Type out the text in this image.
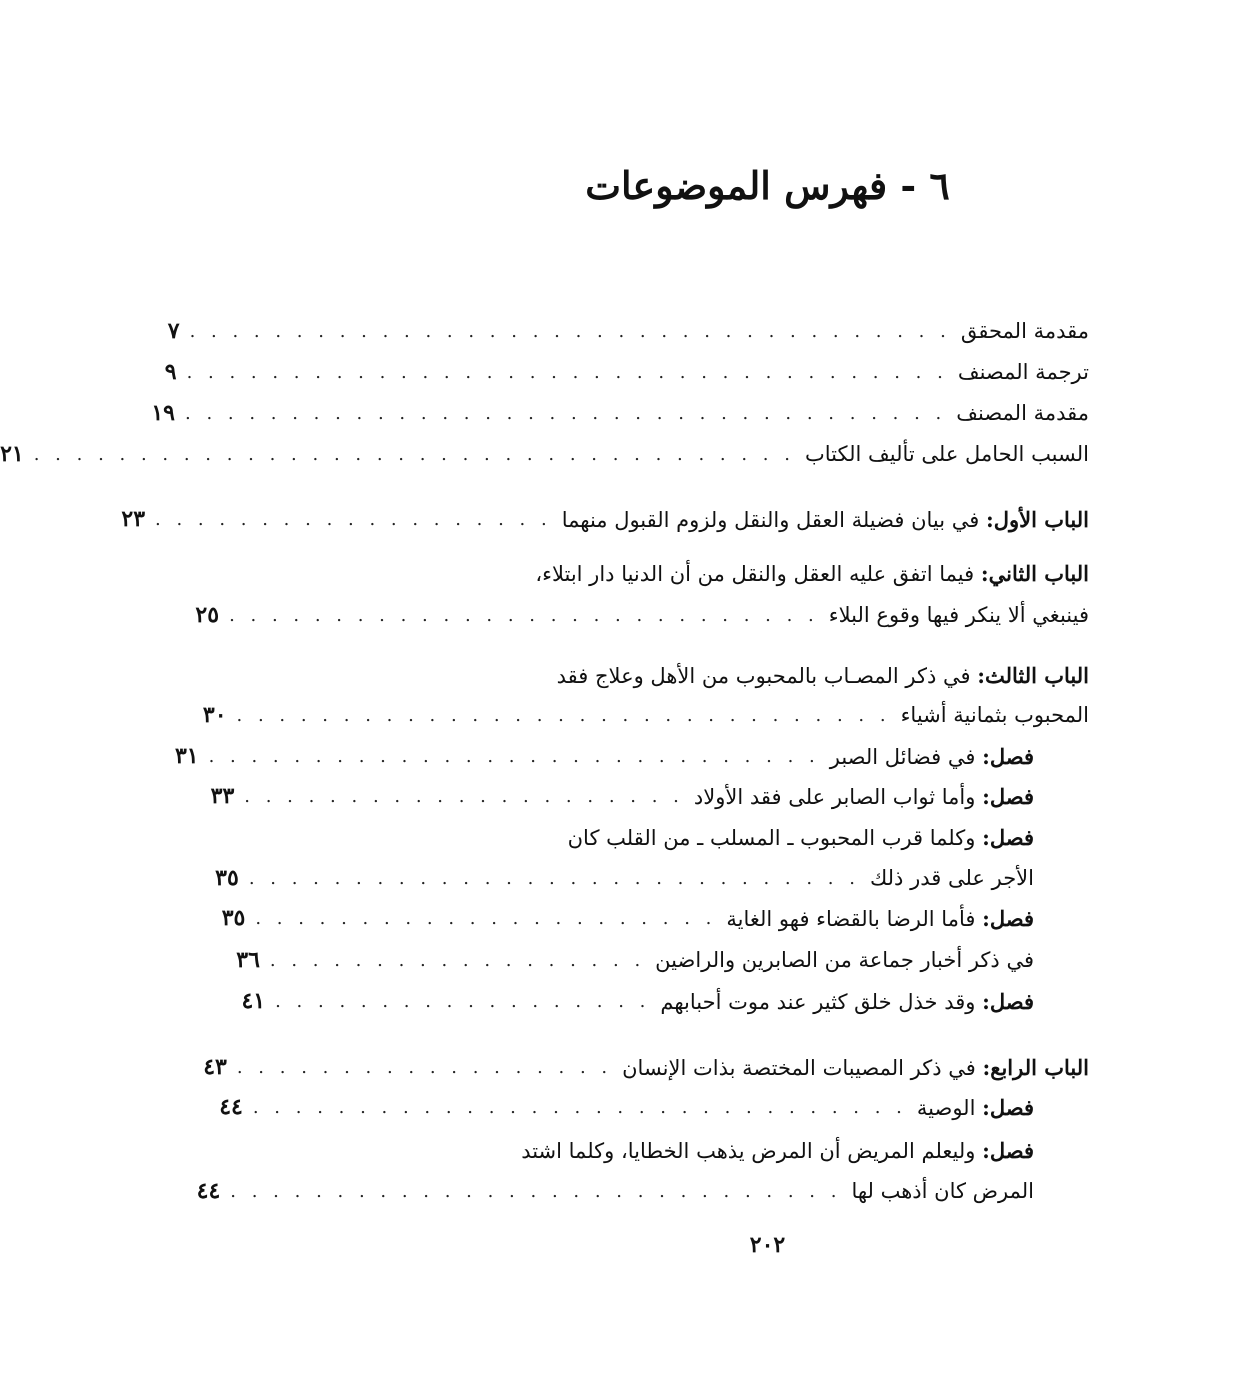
٦ - فهرس الموضوعات
مقدمة المحقق
. . . . . . . . . . . . . . . . . . . . . . . . . . . . . . . . . . . .
٧
ترجمة المصنف
. . . . . . . . . . . . . . . . . . . . . . . . . . . . . . . . . . . .
٩
مقدمة المصنف
. . . . . . . . . . . . . . . . . . . . . . . . . . . . . . . . . . . .
١٩
السبب الحامل على تأليف الكتاب
. . . . . . . . . . . . . . . . . . . . . . . . . . . . . . . . . . . .
٢١
الباب الأول: في بيان فضيلة العقل والنقل ولزوم القبول منهما
. . . . . . . . . . . . . . . . . . .
٢٣
الباب الثاني: فيما اتفق عليه العقل والنقل من أن الدنيا دار ابتلاء،
فينبغي ألا ينكر فيها وقوع البلاء
. . . . . . . . . . . . . . . . . . . . . . . . . . . .
٢٥
الباب الثالث: في ذكر المصـاب بالمحبوب من الأهل وعلاج فقد
المحبوب بثمانية أشياء
. . . . . . . . . . . . . . . . . . . . . . . . . . . . . . .
٣٠
فصل: في فضائل الصبر
. . . . . . . . . . . . . . . . . . . . . . . . . . . . .
٣١
فصل: وأما ثواب الصابر على فقد الأولاد
. . . . . . . . . . . . . . . . . . . . .
٣٣
فصل: وكلما قرب المحبوب ـ المسلب ـ من القلب كان
الأجر على قدر ذلك
. . . . . . . . . . . . . . . . . . . . . . . . . . . . .
٣٥
فصل: فأما الرضا بالقضاء فهو الغاية
. . . . . . . . . . . . . . . . . . . . . .
٣٥
في ذكر أخبار جماعة من الصابرين والراضين
. . . . . . . . . . . . . . . . . .
٣٦
فصل: وقد خذل خلق كثير عند موت أحبابهم
. . . . . . . . . . . . . . . . . .
٤١
الباب الرابع: في ذكر المصيبات المختصة بذات الإنسان
. . . . . . . . . . . . . . . . . .
٤٣
فصل: الوصية
. . . . . . . . . . . . . . . . . . . . . . . . . . . . . . .
٤٤
فصل: وليعلم المريض أن المرض يذهب الخطايا، وكلما اشتد
المرض كان أذهب لها
. . . . . . . . . . . . . . . . . . . . . . . . . . . . .
٤٤
٢٠٢
